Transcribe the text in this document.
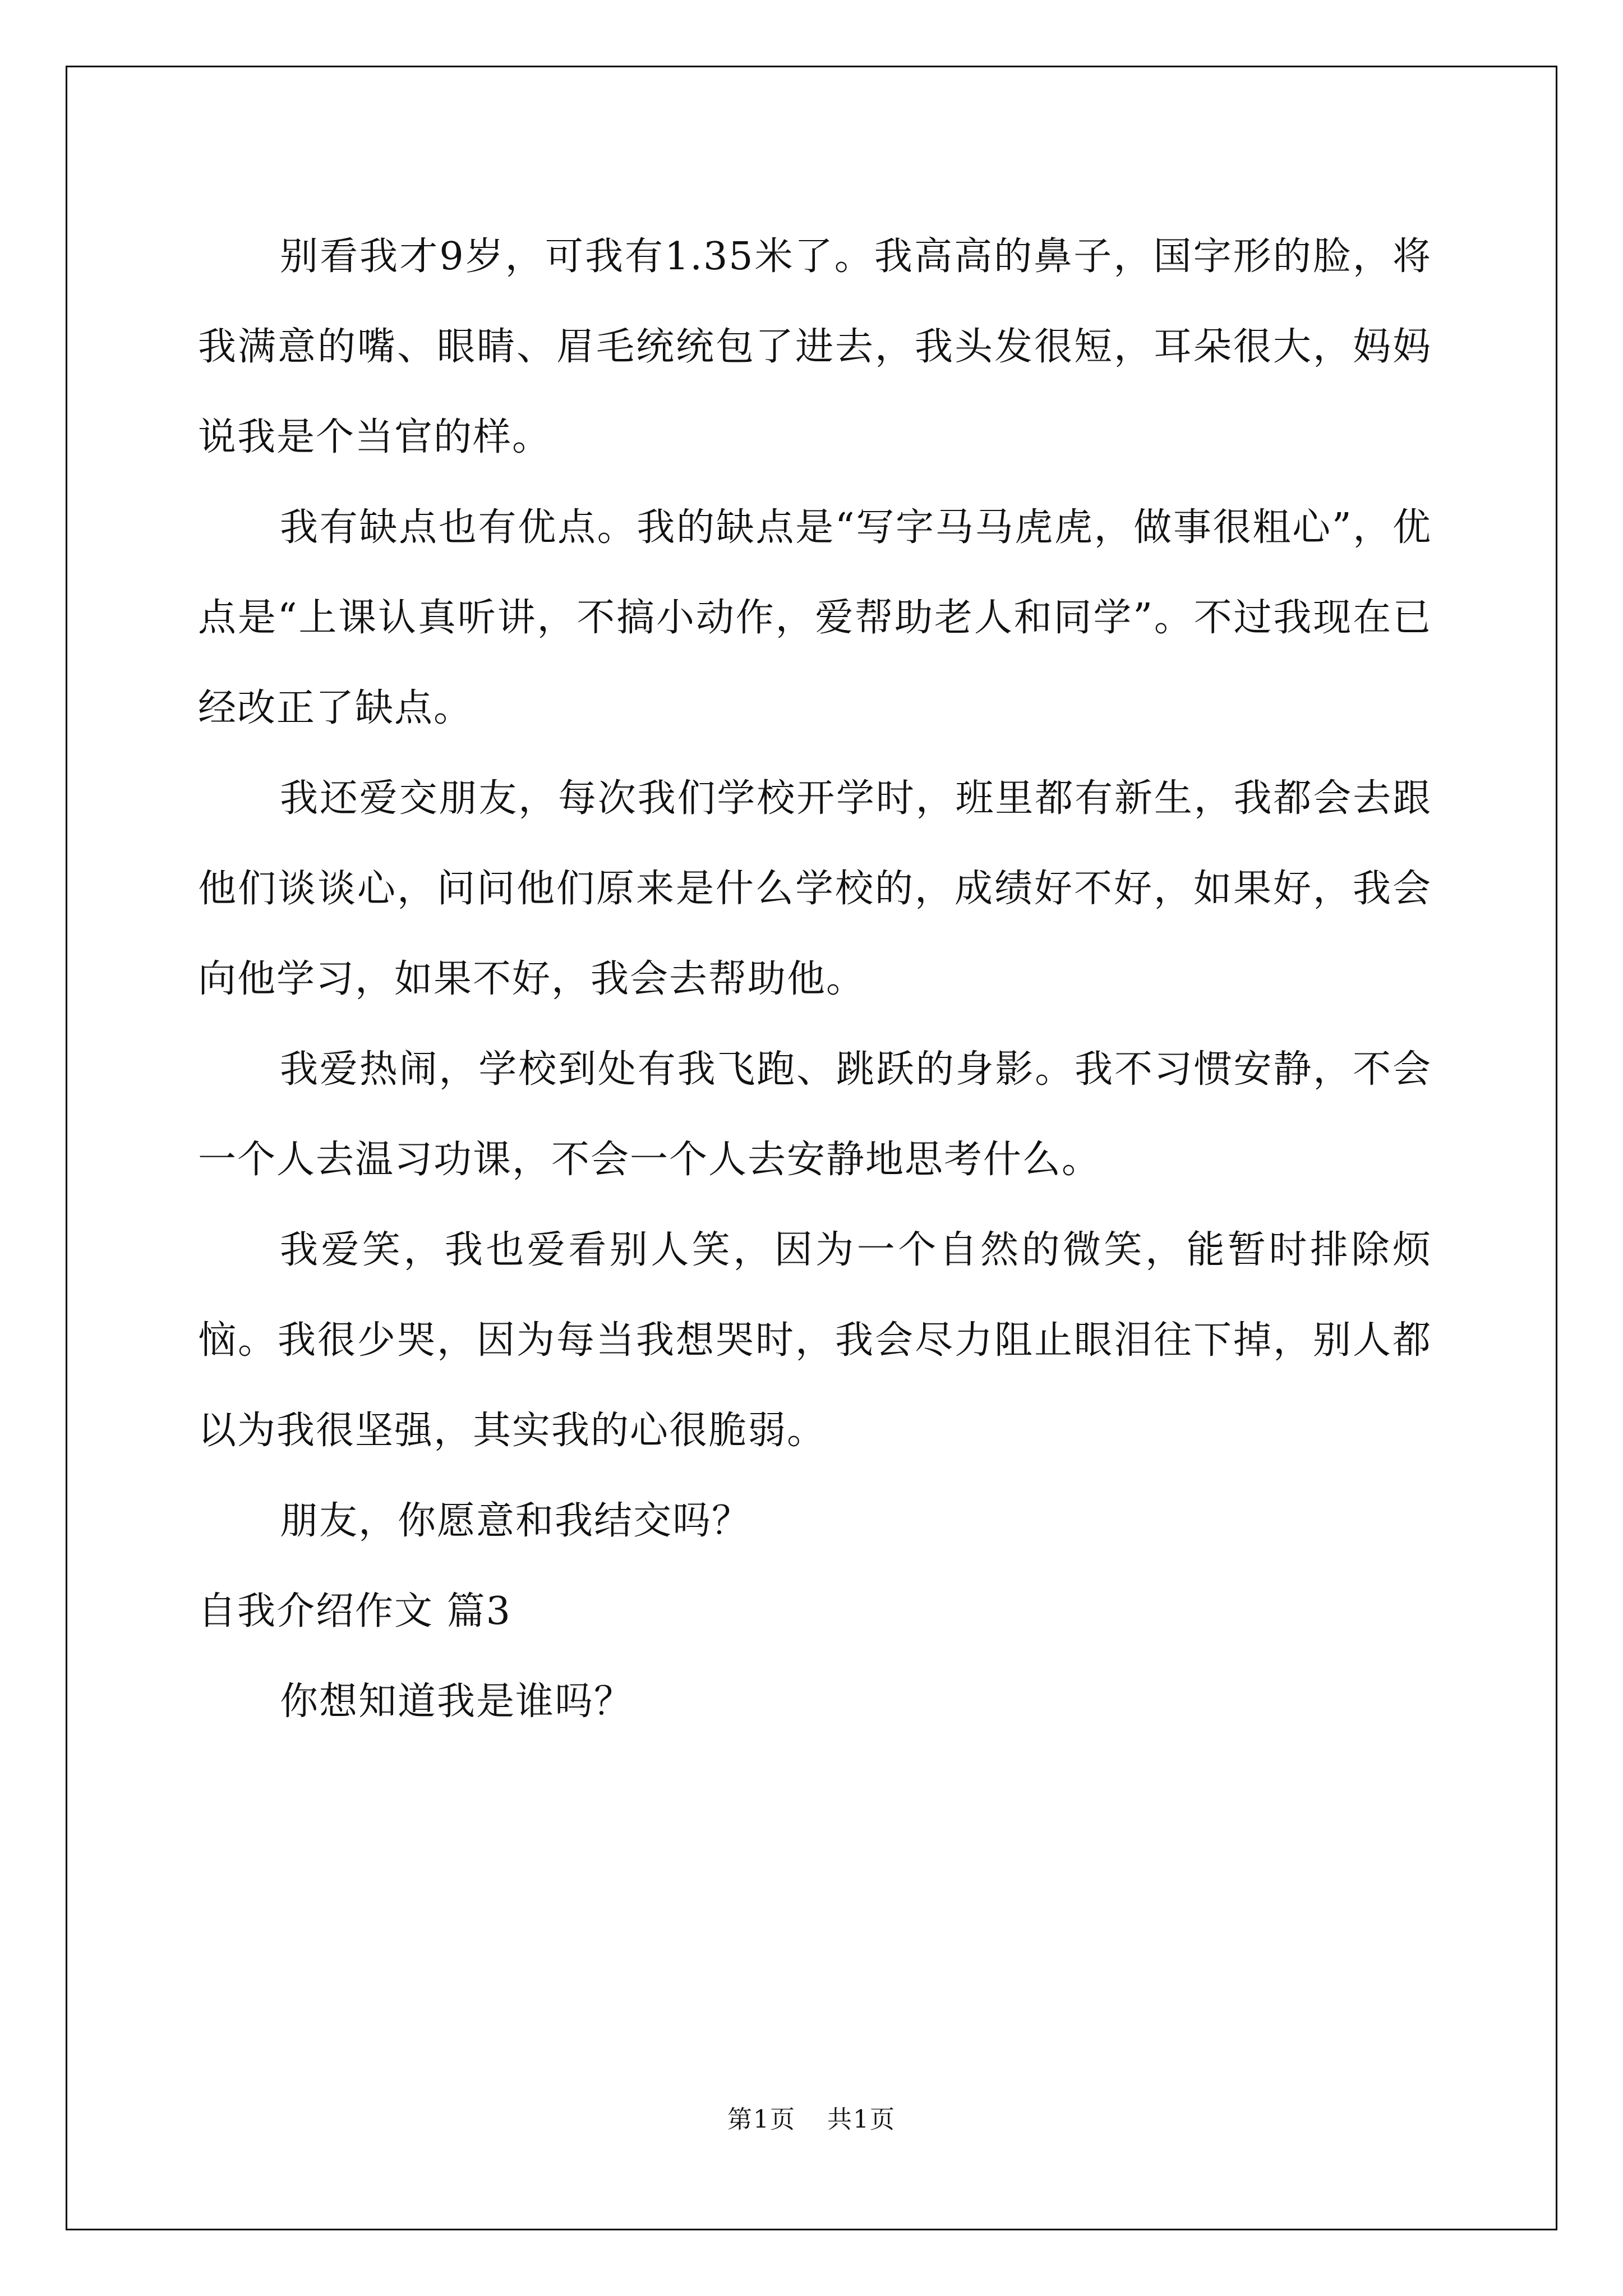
别看我才9岁，可我有1.35米了。我高高的鼻子，国字形的脸，将我满意的嘴、眼睛、眉毛统统包了进去，我头发很短，耳朵很大，妈妈说我是个当官的样。

我有缺点也有优点。我的缺点是“写字马马虎虎，做事很粗心”，优点是“上课认真听讲，不搞小动作，爱帮助老人和同学”。不过我现在已经改正了缺点。

我还爱交朋友，每次我们学校开学时，班里都有新生，我都会去跟他们谈谈心，问问他们原来是什么学校的，成绩好不好，如果好，我会向他学习，如果不好，我会去帮助他。

我爱热闹，学校到处有我飞跑、跳跃的身影。我不习惯安静，不会一个人去温习功课，不会一个人去安静地思考什么。

我爱笑，我也爱看别人笑，因为一个自然的微笑，能暂时排除烦恼。我很少哭，因为每当我想哭时，我会尽力阻止眼泪往下掉，别人都以为我很坚强，其实我的心很脆弱。

朋友，你愿意和我结交吗？

自我介绍作文 篇3

你想知道我是谁吗？

第1页 共1页
